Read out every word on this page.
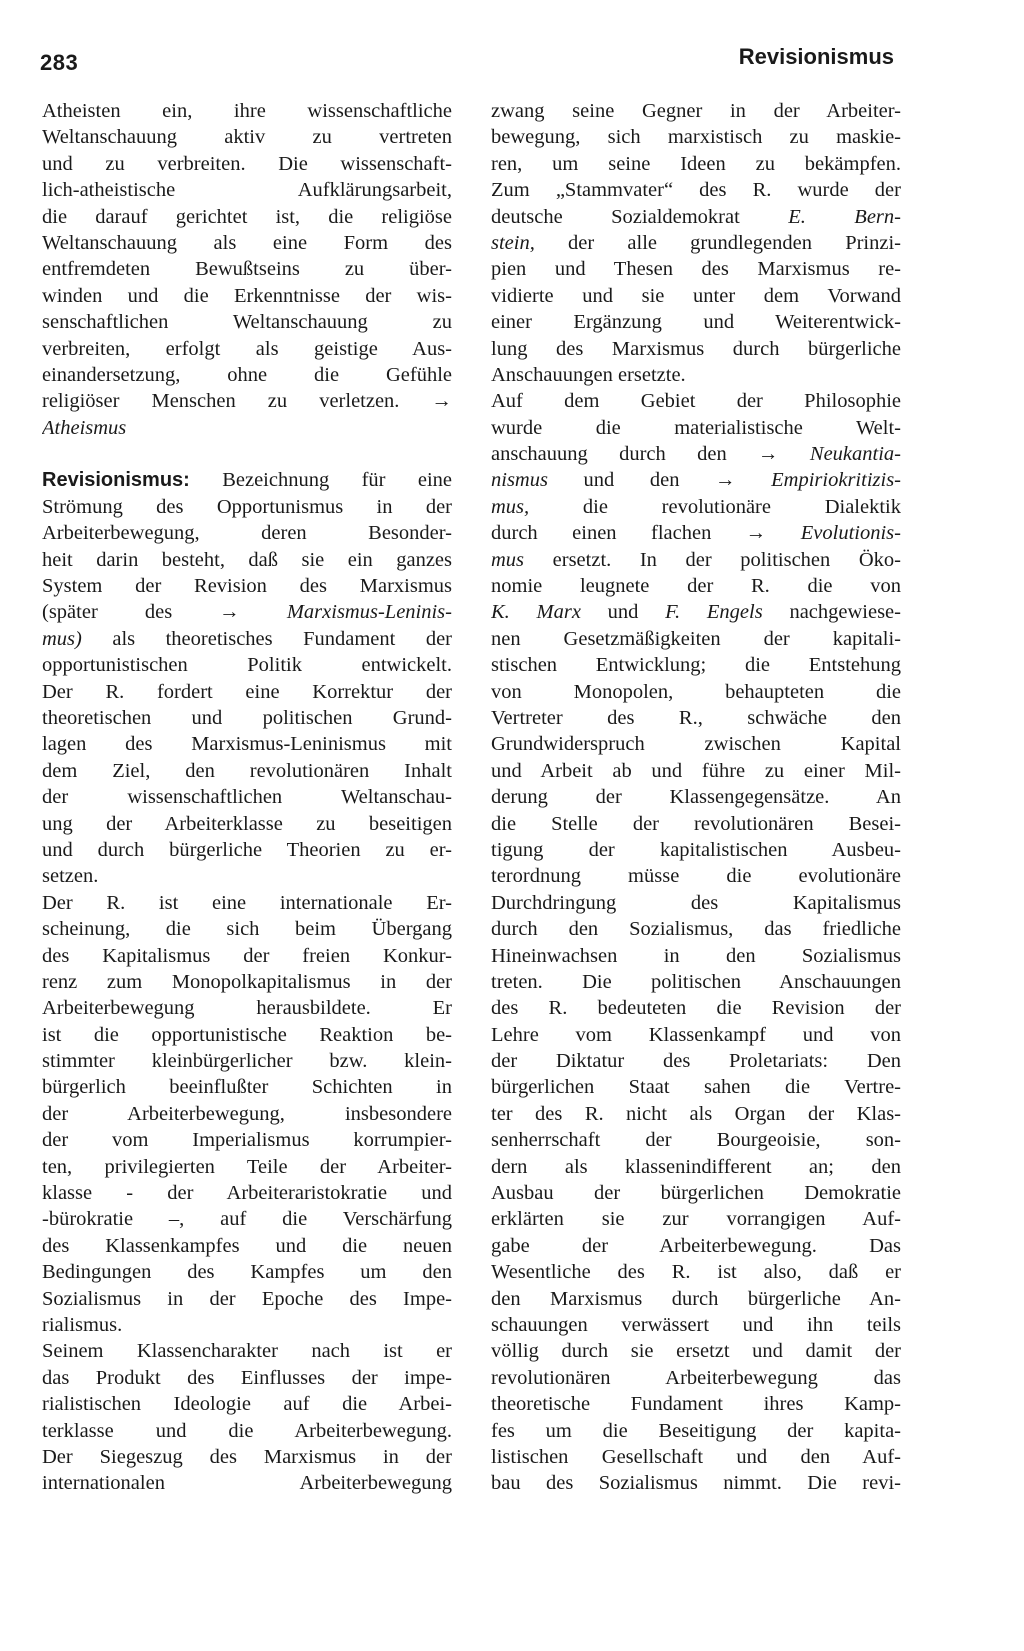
283	Revisionismus
Atheisten ein, ihre wissenschaftliche
Weltanschauung aktiv zu vertreten
und zu verbreiten. Die wissenschaft-
lich-atheistische Aufklärungsarbeit,
die darauf gerichtet ist, die religiöse
Weltanschauung als eine Form des
entfremdeten Bewußtseins zu über-
winden und die Erkenntnisse der wis-
senschaftlichen Weltanschauung zu
verbreiten, erfolgt als geistige Aus-
einandersetzung, ohne die Gefühle
religiöser Menschen zu verletzen. →
Atheismus
Revisionismus: Bezeichnung für eine
Strömung des Opportunismus in der
Arbeiterbewegung, deren Besonder-
heit darin besteht, daß sie ein ganzes
System der Revision des Marxismus
(später des → Marxismus-Leninis-
mus) als theoretisches Fundament der
opportunistischen Politik entwickelt.
Der R. fordert eine Korrektur der
theoretischen und politischen Grund-
lagen des Marxismus-Leninismus mit
dem Ziel, den revolutionären Inhalt
der wissenschaftlichen Weltanschau-
ung der Arbeiterklasse zu beseitigen
und durch bürgerliche Theorien zu er-
setzen.
Der R. ist eine internationale Er-
scheinung, die sich beim Übergang
des Kapitalismus der freien Konkur-
renz zum Monopolkapitalismus in der
Arbeiterbewegung herausbildete. Er
ist die opportunistische Reaktion be-
stimmter kleinbürgerlicher bzw. klein-
bürgerlich beeinflußter Schichten in
der Arbeiterbewegung, insbesondere
der vom Imperialismus korrumpier-
ten, privilegierten Teile der Arbeiter-
klasse - der Arbeiteraristokratie und
-bürokratie –, auf die Verschärfung
des Klassenkampfes und die neuen
Bedingungen des Kampfes um den
Sozialismus in der Epoche des Impe-
rialismus.
Seinem Klassencharakter nach ist er
das Produkt des Einflusses der impe-
rialistischen Ideologie auf die Arbei-
terklasse und die Arbeiterbewegung.
Der Siegeszug des Marxismus in der
internationalen Arbeiterbewegung
zwang seine Gegner in der Arbeiter-
bewegung, sich marxistisch zu maskie-
ren, um seine Ideen zu bekämpfen.
Zum „Stammvater“ des R. wurde der
deutsche Sozialdemokrat E. Bern-
stein, der alle grundlegenden Prinzi-
pien und Thesen des Marxismus re-
vidierte und sie unter dem Vorwand
einer Ergänzung und Weiterentwick-
lung des Marxismus durch bürgerliche
Anschauungen ersetzte.
Auf dem Gebiet der Philosophie
wurde die materialistische Welt-
anschauung durch den → Neukantia-
nismus und den → Empiriokritizis-
mus, die revolutionäre Dialektik
durch einen flachen → Evolutionis-
mus ersetzt. In der politischen Öko-
nomie leugnete der R. die von
K. Marx und F. Engels nachgewiese-
nen Gesetzmäßigkeiten der kapitali-
stischen Entwicklung; die Entstehung
von Monopolen, behaupteten die
Vertreter des R., schwäche den
Grundwiderspruch zwischen Kapital
und Arbeit ab und führe zu einer Mil-
derung der Klassengegensätze. An
die Stelle der revolutionären Besei-
tigung der kapitalistischen Ausbeu-
terordnung müsse die evolutionäre
Durchdringung des Kapitalismus
durch den Sozialismus, das friedliche
Hineinwachsen in den Sozialismus
treten. Die politischen Anschauungen
des R. bedeuteten die Revision der
Lehre vom Klassenkampf und von
der Diktatur des Proletariats: Den
bürgerlichen Staat sahen die Vertre-
ter des R. nicht als Organ der Klas-
senherrschaft der Bourgeoisie, son-
dern als klassenindifferent an; den
Ausbau der bürgerlichen Demokratie
erklärten sie zur vorrangigen Auf-
gabe der Arbeiterbewegung. Das
Wesentliche des R. ist also, daß er
den Marxismus durch bürgerliche An-
schauungen verwässert und ihn teils
völlig durch sie ersetzt und damit der
revolutionären Arbeiterbewegung das
theoretische Fundament ihres Kamp-
fes um die Beseitigung der kapita-
listischen Gesellschaft und den Auf-
bau des Sozialismus nimmt. Die revi-
